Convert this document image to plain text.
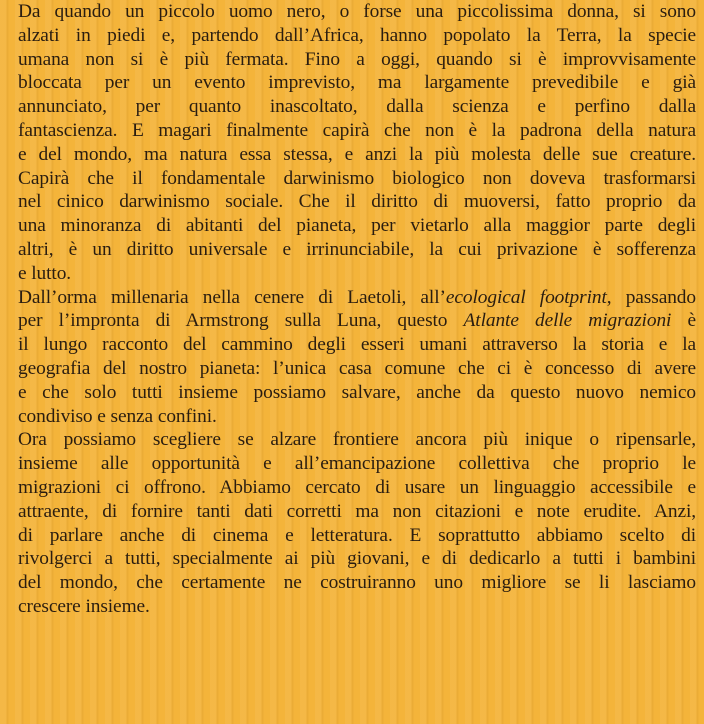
Da quando un piccolo uomo nero, o forse una piccolissima donna, si sono
alzati in piedi e, partendo dall’Africa, hanno popolato la Terra, la specie
umana non si è più fermata. Fino a oggi, quando si è improvvisamente
bloccata per un evento imprevisto, ma largamente prevedibile e già
annunciato, per quanto inascoltato, dalla scienza e perfino dalla
fantascienza. E magari finalmente capirà che non è la padrona della natura
e del mondo, ma natura essa stessa, e anzi la più molesta delle sue creature.

Capirà che il fondamentale darwinismo biologico non doveva trasformarsi
nel cinico darwinismo sociale. Che il diritto di muoversi, fatto proprio da
una minoranza di abitanti del pianeta, per vietarlo alla maggior parte degli
altri, è un diritto universale e irrinunciabile, la cui privazione è sofferenza
e lutto.

Dall’orma millenaria nella cenere di Laetoli, all’ecological footprint, passando
per l’impronta di Armstrong sulla Luna, questo Atlante delle migrazioni è
il lungo racconto del cammino degli esseri umani attraverso la storia e la
geografia del nostro pianeta: l’unica casa comune che ci è concesso di avere
e che solo tutti insieme possiamo salvare, anche da questo nuovo nemico
condiviso e senza confini.

Ora possiamo scegliere se alzare frontiere ancora più inique o ripensarle,
insieme alle opportunità e all’emancipazione collettiva che proprio le
migrazioni ci offrono. Abbiamo cercato di usare un linguaggio accessibile e
attraente, di fornire tanti dati corretti ma non citazioni e note erudite. Anzi,
di parlare anche di cinema e letteratura. E soprattutto abbiamo scelto di
rivolgerci a tutti, specialmente ai più giovani, e di dedicarlo a tutti i bambini
del mondo, che certamente ne costruiranno uno migliore se li lasciamo
crescere insieme.
